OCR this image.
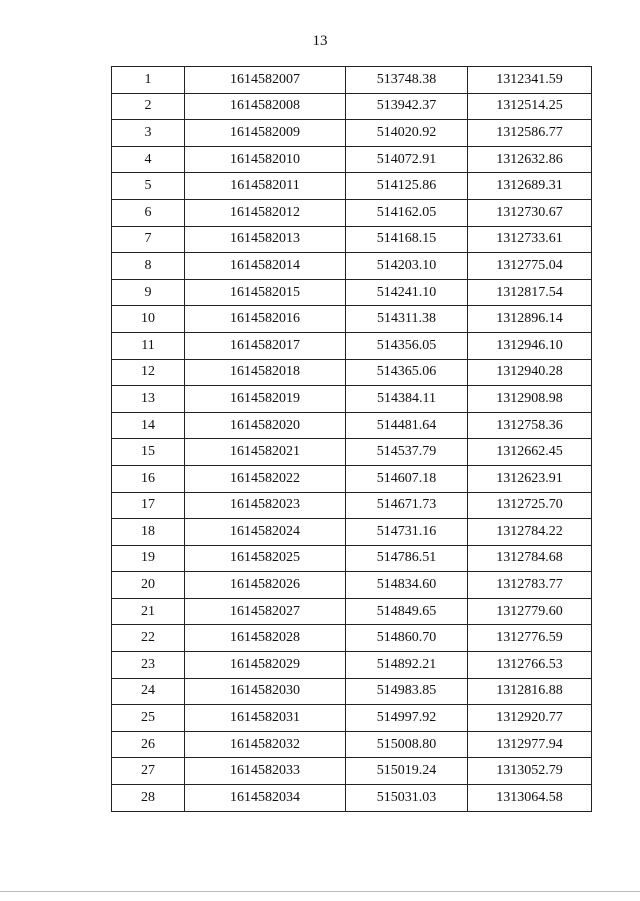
13
1	1614582007	513748.38	1312341.59
2	1614582008	513942.37	1312514.25
3	1614582009	514020.92	1312586.77
4	1614582010	514072.91	1312632.86
5	1614582011	514125.86	1312689.31
6	1614582012	514162.05	1312730.67
7	1614582013	514168.15	1312733.61
8	1614582014	514203.10	1312775.04
9	1614582015	514241.10	1312817.54
10	1614582016	514311.38	1312896.14
11	1614582017	514356.05	1312946.10
12	1614582018	514365.06	1312940.28
13	1614582019	514384.11	1312908.98
14	1614582020	514481.64	1312758.36
15	1614582021	514537.79	1312662.45
16	1614582022	514607.18	1312623.91
17	1614582023	514671.73	1312725.70
18	1614582024	514731.16	1312784.22
19	1614582025	514786.51	1312784.68
20	1614582026	514834.60	1312783.77
21	1614582027	514849.65	1312779.60
22	1614582028	514860.70	1312776.59
23	1614582029	514892.21	1312766.53
24	1614582030	514983.85	1312816.88
25	1614582031	514997.92	1312920.77
26	1614582032	515008.80	1312977.94
27	1614582033	515019.24	1313052.79
28	1614582034	515031.03	1313064.58
